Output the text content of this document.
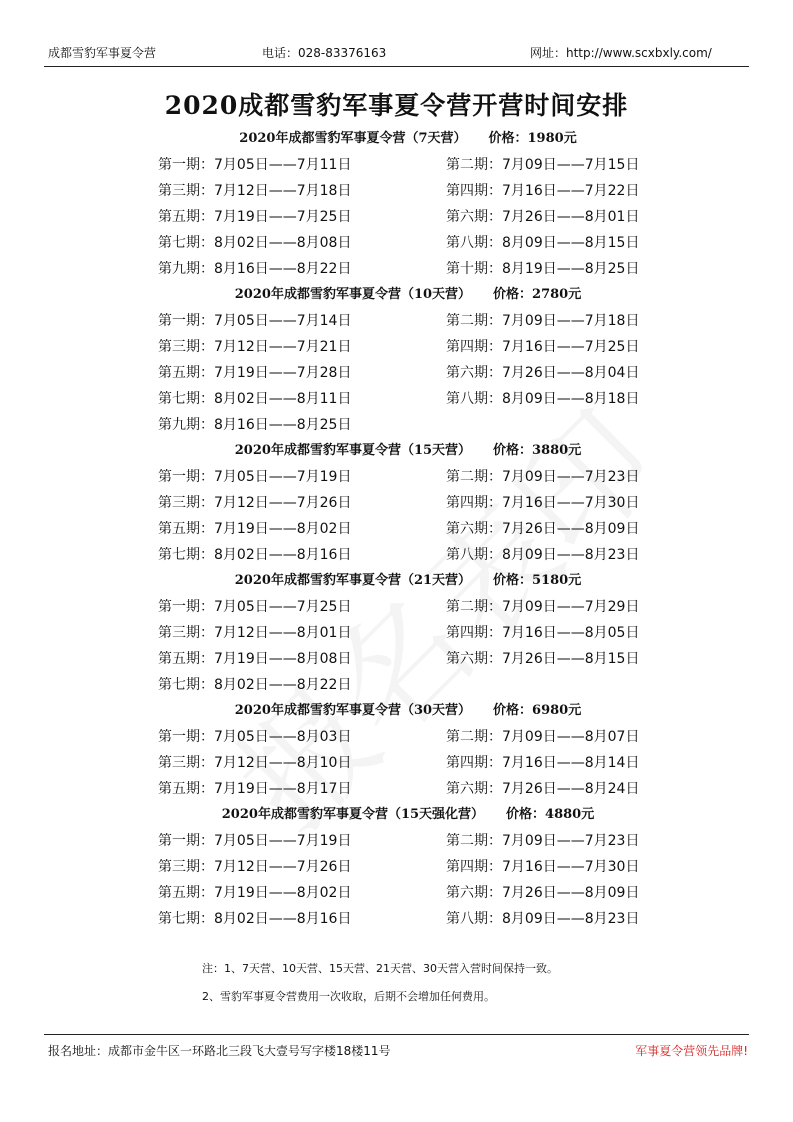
成都雪豹军事夏令营	电话：028-83376163	网址：http://www.scxbxly.com/
2020成都雪豹军事夏令营开营时间安排
2020年成都雪豹军事夏令营（7天营） 价格：1980元
第一期：7月05日——7月11日	第二期：7月09日——7月15日
第三期：7月12日——7月18日	第四期：7月16日——7月22日
第五期：7月19日——7月25日	第六期：7月26日——8月01日
第七期：8月02日——8月08日	第八期：8月09日——8月15日
第九期：8月16日——8月22日	第十期：8月19日——8月25日
2020年成都雪豹军事夏令营（10天营） 价格：2780元
第一期：7月05日——7月14日	第二期：7月09日——7月18日
第三期：7月12日——7月21日	第四期：7月16日——7月25日
第五期：7月19日——7月28日	第六期：7月26日——8月04日
第七期：8月02日——8月11日	第八期：8月09日——8月18日
第九期：8月16日——8月25日
2020年成都雪豹军事夏令营（15天营） 价格：3880元
第一期：7月05日——7月19日	第二期：7月09日——7月23日
第三期：7月12日——7月26日	第四期：7月16日——7月30日
第五期：7月19日——8月02日	第六期：7月26日——8月09日
第七期：8月02日——8月16日	第八期：8月09日——8月23日
2020年成都雪豹军事夏令营（21天营） 价格：5180元
第一期：7月05日——7月25日	第二期：7月09日——7月29日
第三期：7月12日——8月01日	第四期：7月16日——8月05日
第五期：7月19日——8月08日	第六期：7月26日——8月15日
第七期：8月02日——8月22日
2020年成都雪豹军事夏令营（30天营） 价格：6980元
第一期：7月05日——8月03日	第二期：7月09日——8月07日
第三期：7月12日——8月10日	第四期：7月16日——8月14日
第五期：7月19日——8月17日	第六期：7月26日——8月24日
2020年成都雪豹军事夏令营（15天强化营） 价格：4880元
第一期：7月05日——7月19日	第二期：7月09日——7月23日
第三期：7月12日——7月26日	第四期：7月16日——7月30日
第五期：7月19日——8月02日	第六期：7月26日——8月09日
第七期：8月02日——8月16日	第八期：8月09日——8月23日
注：1、7天营、10天营、15天营、21天营、30天营入营时间保持一致。
2、雪豹军事夏令营费用一次收取，后期不会增加任何费用。
报名地址：成都市金牛区一环路北三段飞大壹号写字楼18楼11号	军事夏令营领先品牌!
